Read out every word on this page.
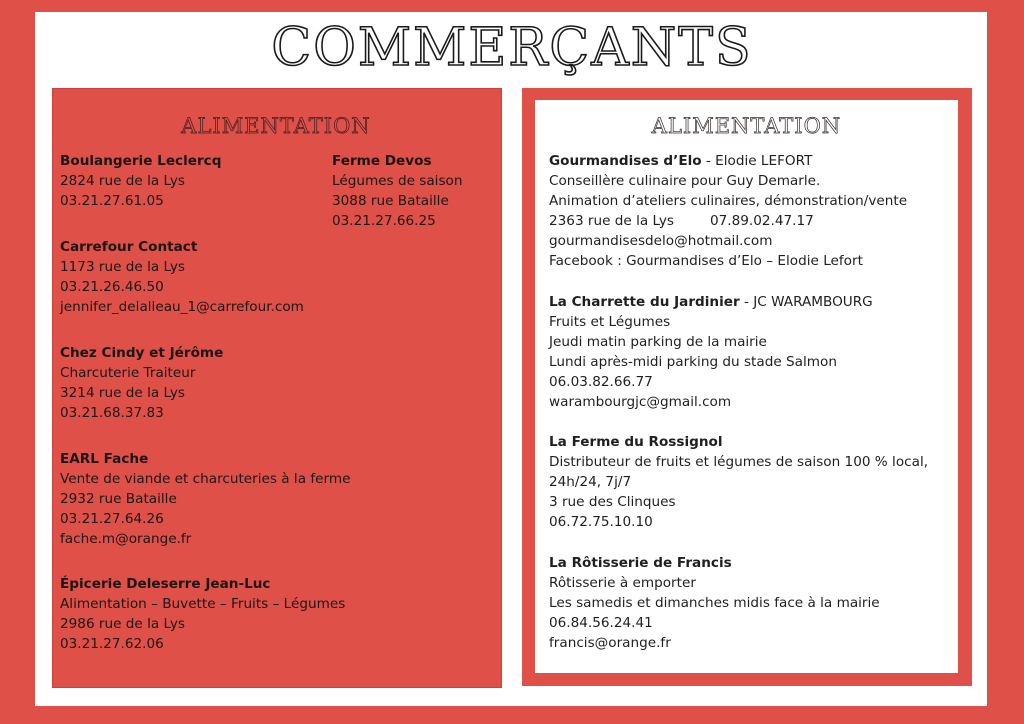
COMMERÇANTS
ALIMENTATION	ALIMENTATION
Boulangerie Leclercq
2824 rue de la Lys
03.21.27.61.05
Ferme Devos
Légumes de saison
3088 rue Bataille
03.21.27.66.25
Carrefour Contact
1173 rue de la Lys
03.21.26.46.50
jennifer_delalleau_1@carrefour.com
Chez Cindy et Jérôme
Charcuterie Traiteur
3214 rue de la Lys
03.21.68.37.83
EARL Fache
Vente de viande et charcuteries à la ferme
2932 rue Bataille
03.21.27.64.26
fache.m@orange.fr
Épicerie Deleserre Jean-Luc
Alimentation – Buvette – Fruits – Légumes
2986 rue de la Lys
03.21.27.62.06
Gourmandises d’Elo - Elodie LEFORT
Conseillère culinaire pour Guy Demarle.
Animation d’ateliers culinaires, démonstration/vente
2363 rue de la Lys	07.89.02.47.17
gourmandisesdelo@hotmail.com
Facebook : Gourmandises d’Elo – Elodie Lefort
La Charrette du Jardinier - JC WARAMBOURG
Fruits et Légumes
Jeudi matin parking de la mairie
Lundi après-midi parking du stade Salmon
06.03.82.66.77
warambourgjc@gmail.com
La Ferme du Rossignol
Distributeur de fruits et légumes de saison 100 % local,
24h/24, 7j/7
3 rue des Clinques
06.72.75.10.10
La Rôtisserie de Francis
Rôtisserie à emporter
Les samedis et dimanches midis face à la mairie
06.84.56.24.41
francis@orange.fr
